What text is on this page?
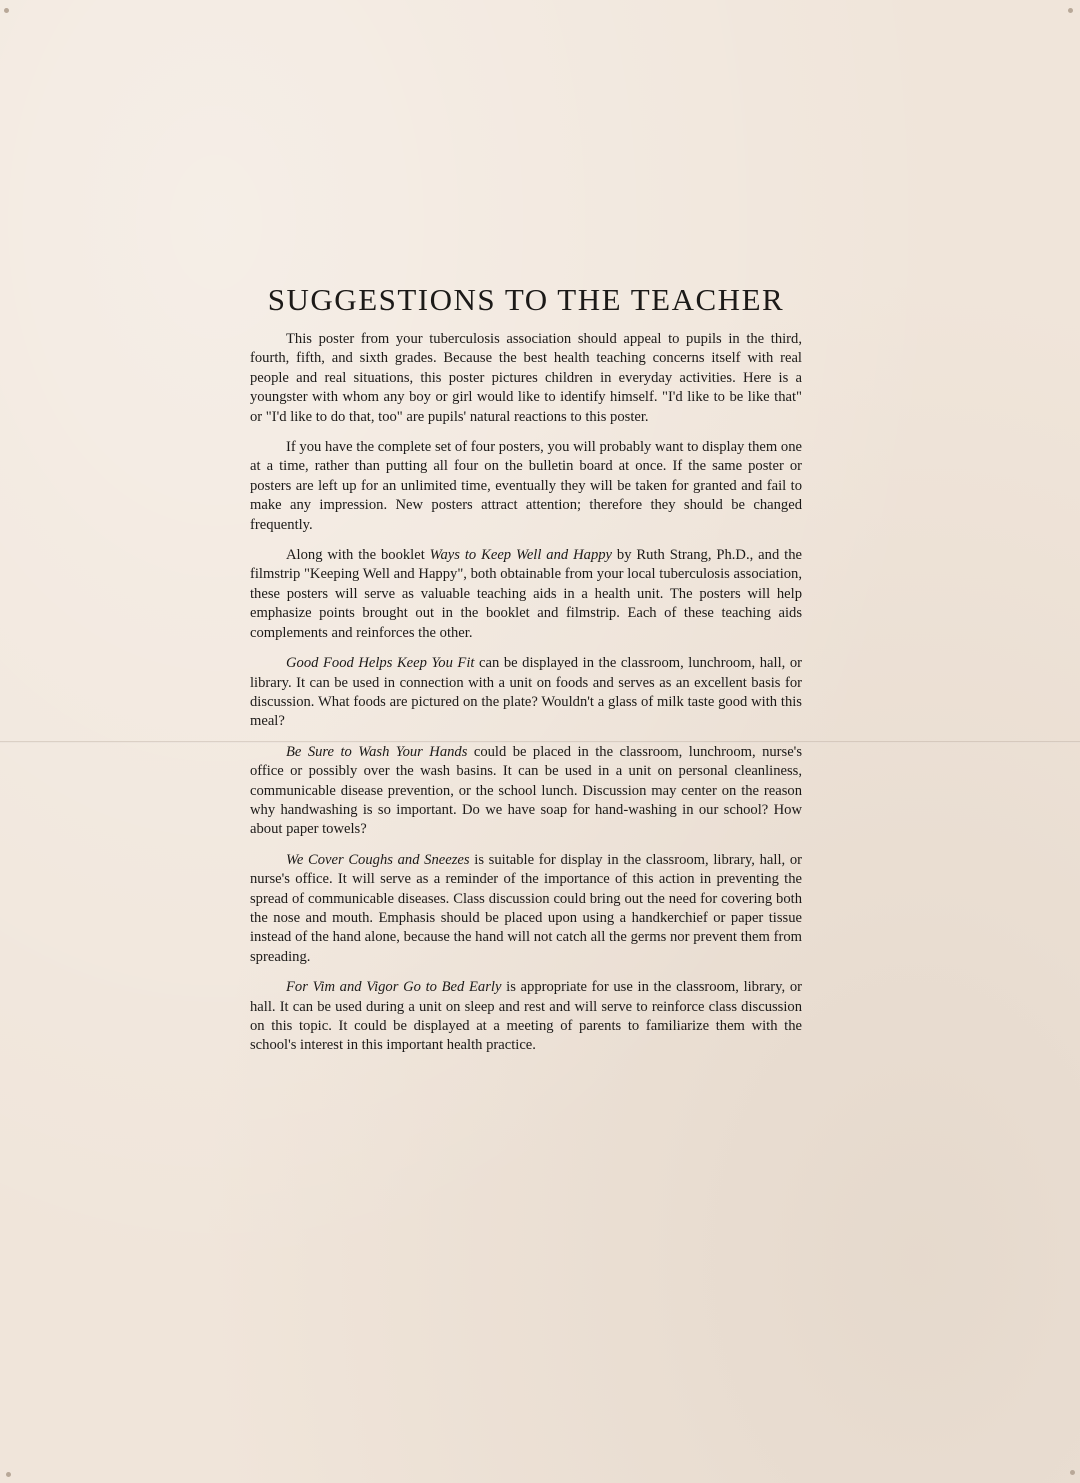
SUGGESTIONS TO THE TEACHER

This poster from your tuberculosis association should appeal to pupils in the third, fourth, fifth, and sixth grades. Because the best health teaching concerns itself with real people and real situations, this poster pictures children in everyday activities. Here is a youngster with whom any boy or girl would like to identify himself. "I'd like to be like that" or "I'd like to do that, too" are pupils' natural reactions to this poster.

If you have the complete set of four posters, you will probably want to display them one at a time, rather than putting all four on the bulletin board at once. If the same poster or posters are left up for an unlimited time, eventually they will be taken for granted and fail to make any impression. New posters attract attention; therefore they should be changed frequently.

Along with the booklet Ways to Keep Well and Happy by Ruth Strang, Ph.D., and the filmstrip "Keeping Well and Happy", both obtainable from your local tuberculosis association, these posters will serve as valuable teaching aids in a health unit. The posters will help emphasize points brought out in the booklet and filmstrip. Each of these teaching aids complements and reinforces the other.

Good Food Helps Keep You Fit can be displayed in the classroom, lunchroom, hall, or library. It can be used in connection with a unit on foods and serves as an excellent basis for discussion. What foods are pictured on the plate? Wouldn't a glass of milk taste good with this meal?

Be Sure to Wash Your Hands could be placed in the classroom, lunchroom, nurse's office or possibly over the wash basins. It can be used in a unit on personal cleanliness, communicable disease prevention, or the school lunch. Discussion may center on the reason why handwashing is so important. Do we have soap for hand-washing in our school? How about paper towels?

We Cover Coughs and Sneezes is suitable for display in the classroom, library, hall, or nurse's office. It will serve as a reminder of the importance of this action in preventing the spread of communicable diseases. Class discussion could bring out the need for covering both the nose and mouth. Emphasis should be placed upon using a handkerchief or paper tissue instead of the hand alone, because the hand will not catch all the germs nor prevent them from spreading.

For Vim and Vigor Go to Bed Early is appropriate for use in the classroom, library, or hall. It can be used during a unit on sleep and rest and will serve to reinforce class discussion on this topic. It could be displayed at a meeting of parents to familiarize them with the school's interest in this important health practice.
